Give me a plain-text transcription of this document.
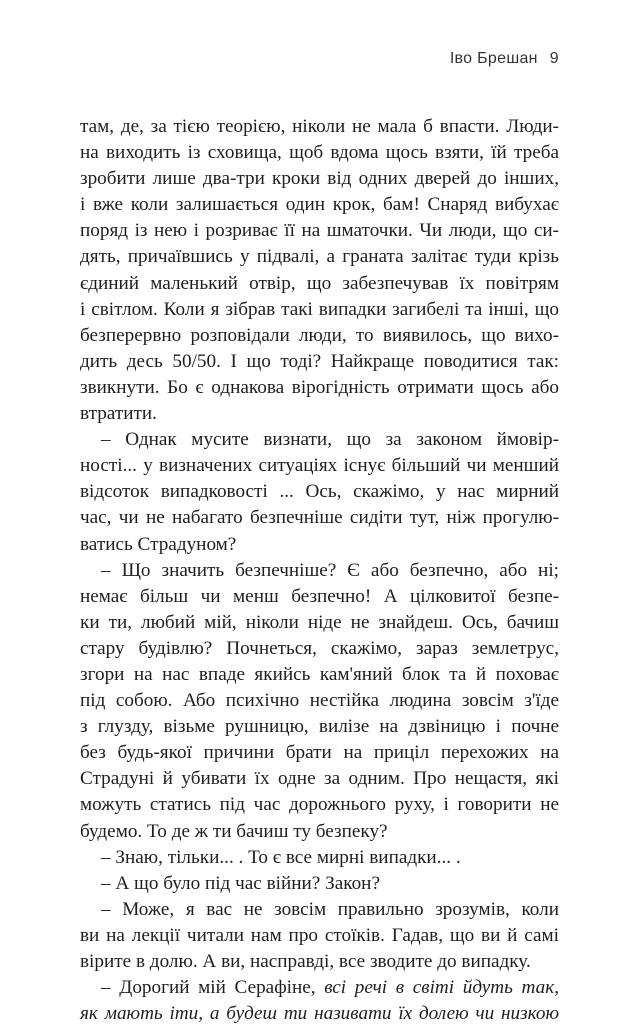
Іво Брешан 9
там, де, за тією теорією, ніколи не мала б впасти. Люди-
на виходить із сховища, щоб вдома щось взяти, їй треба
зробити лише два-три кроки від одних дверей до інших,
і вже коли залишається один крок, бам! Снаряд вибухає
поряд із нею і розриває її на шматочки. Чи люди, що си-
дять, причаївшись у підвалі, а граната залітає туди крізь
єдиний маленький отвір, що забезпечував їх повітрям
і світлом. Коли я зібрав такі випадки загибелі та інші, що
безперервно розповідали люди, то виявилось, що вихо-
дить десь 50/50. І що тоді? Найкраще поводитися так:
звикнути. Бо є однакова вірогідність отримати щось або
втратити.
– Однак мусите визнати, що за законом ймовір-
ності... у визначених ситуаціях існує більший чи менший
відсоток випадковості ... Ось, скажімо, у нас мирний
час, чи не набагато безпечніше сидіти тут, ніж прогулю-
ватись Страдуном?
– Що значить безпечніше? Є або безпечно, або ні;
немає більш чи менш безпечно! А цілковитої безпе-
ки ти, любий мій, ніколи ніде не знайдеш. Ось, бачиш
стару будівлю? Почнеться, скажімо, зараз землетрус,
згори на нас впаде якийсь кам'яний блок та й поховає
під собою. Або психічно нестійка людина зовсім з'їде
з глузду, візьме рушницю, вилізе на дзвіницю і почне
без будь-якої причини брати на приціл перехожих на
Страдуні й убивати їх одне за одним. Про нещастя, які
можуть статись під час дорожнього руху, і говорити не
будемо. То де ж ти бачиш ту безпеку?
– Знаю, тільки... . То є все мирні випадки... .
– А що було під час війни? Закон?
– Може, я вас не зовсім правильно зрозумів, коли
ви на лекції читали нам про стоїків. Гадав, що ви й самі
вірите в долю. А ви, насправді, все зводите до випадку.
– Дорогий мій Серафіне, всі речі в світі йдуть так,
як мають іти, а будеш ти називати їх долею чи низкою
